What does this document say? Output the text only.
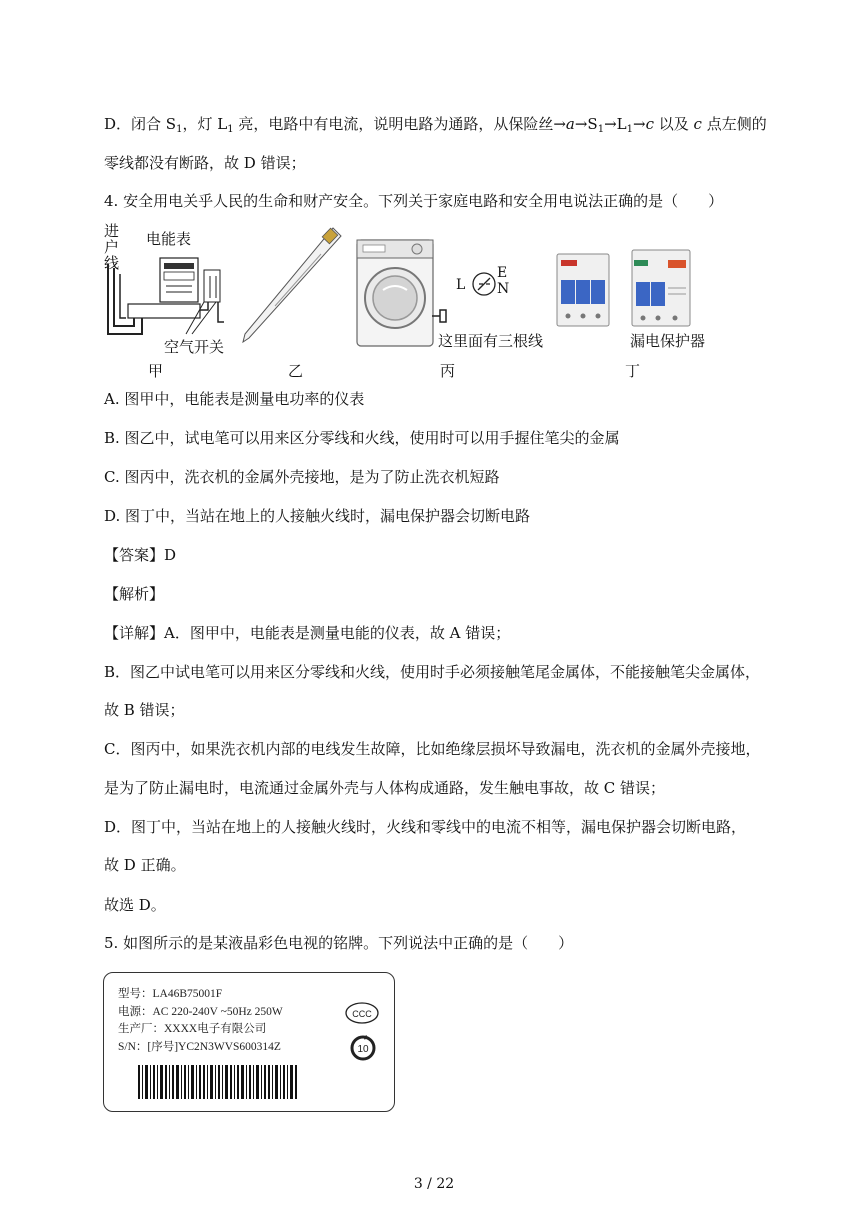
D．闭合 $S_1$，灯 $L_1$ 亮，电路中有电流，说明电路为通路，从保险丝$\to a\to S_1\to L_1\to c$ 以及 c 点左侧的
零线都没有断路，故 D 错误；
4. 安全用电关乎人民的生命和财产安全。下列关于家庭电路和安全用电说法正确的是（　　）
进
户
线
电能表
空气开关	这里面有三根线
L
E
N
漏电保护器
甲	乙	丙	丁
A. 图甲中，电能表是测量电功率的仪表
B. 图乙中，试电笔可以用来区分零线和火线，使用时可以用手握住笔尖的金属
C. 图丙中，洗衣机的金属外壳接地，是为了防止洗衣机短路
D. 图丁中，当站在地上的人接触火线时，漏电保护器会切断电路
【答案】D
【解析】
【详解】A．图甲中，电能表是测量电能的仪表，故 A 错误；
B．图乙中试电笔可以用来区分零线和火线，使用时手必须接触笔尾金属体，不能接触笔尖金属体，
故 B 错误；
C．图丙中，如果洗衣机内部的电线发生故障，比如绝缘层损坏导致漏电，洗衣机的金属外壳接地，
是为了防止漏电时，电流通过金属外壳与人体构成通路，发生触电事故，故 C 错误；
D．图丁中，当站在地上的人接触火线时，火线和零线中的电流不相等，漏电保护器会切断电路，
故 D 正确。
故选 D。
5. 如图所示的是某液晶彩色电视的铭牌。下列说法中正确的是（　　）
型号：LA46B75001F
电源：AC 220-240V ~50Hz 250W
生产厂：XXXX电子有限公司
S/N：[序号]YC2N3WVS600314Z
CCC
10
3 / 22
